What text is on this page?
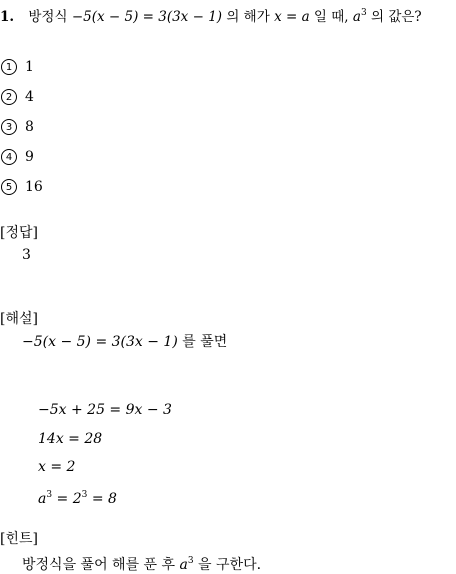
1. 방정식 −5(x − 5) = 3(3x − 1) 의 해가 x = a 일 때, $a^3$ 의 값은?
1 1
2 4
3 8
4 9
5 16
[정답]
3
[해설]
−5(x − 5) = 3(3x − 1) 를 풀면
−5x + 25 = 9x − 3
14x = 28
x = 2
$a^3 = 2^3 = 8$
[힌트]
방정식을 풀어 해를 푼 후 $a^3$ 을 구한다.
